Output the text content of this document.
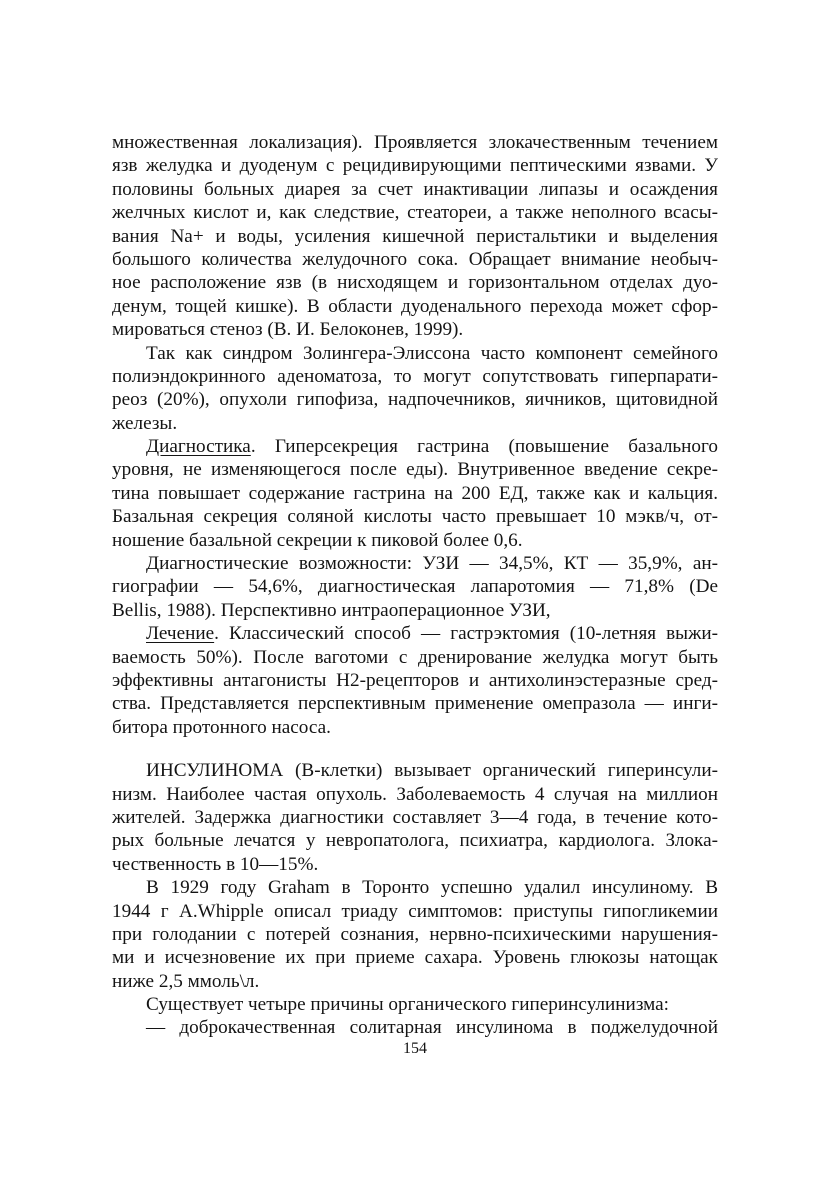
множественная локализация). Проявляется злокачественным течением
язв желудка и дуоденум с рецидивирующими пептическими язвами. У
половины больных диарея за счет инактивации липазы и осаждения
желчных кислот и, как следствие, стеатореи, а также неполного всасы-
вания Na+ и воды, усиления кишечной перистальтики и выделения
большого количества желудочного сока. Обращает внимание необыч-
ное расположение язв (в нисходящем и горизонтальном отделах дуо-
денум, тощей кишке). В области дуоденального перехода может сфор-
мироваться стеноз (В. И. Белоконев, 1999).
Так как синдром Золингера-Элиссона часто компонент семейного
полиэндокринного аденоматоза, то могут сопутствовать гиперпарати-
реоз (20%), опухоли гипофиза, надпочечников, яичников, щитовидной
железы.
Диагностика. Гиперсекреция гастрина (повышение базального
уровня, не изменяющегося после еды). Внутривенное введение секре-
тина повышает содержание гастрина на 200 ЕД, также как и кальция.
Базальная секреция соляной кислоты часто превышает 10 мэкв/ч, от-
ношение базальной секреции к пиковой более 0,6.
Диагностические возможности: УЗИ — 34,5%, КТ — 35,9%, ан-
гиографии — 54,6%, диагностическая лапаротомия — 71,8% (De
Bellis, 1988). Перспективно интраоперационное УЗИ,
Лечение. Классический способ — гастрэктомия (10-летняя выжи-
ваемость 50%). После ваготоми с дренирование желудка могут быть
эффективны антагонисты Н2-рецепторов и антихолинэстеразные сред-
ства. Представляется перспективным применение омепразола — инги-
битора протонного насоса.
ИНСУЛИНОМА (В-клетки) вызывает органический гиперинсули-
низм. Наиболее частая опухоль. Заболеваемость 4 случая на миллион
жителей. Задержка диагностики составляет 3—4 года, в течение кото-
рых больные лечатся у невропатолога, психиатра, кардиолога. Злока-
чественность в 10—15%.
В 1929 году Graham в Торонто успешно удалил инсулиному. В
1944 г A.Whipple описал триаду симптомов: приступы гипогликемии
при голодании с потерей сознания, нервно-психическими нарушения-
ми и исчезновение их при приеме сахара. Уровень глюкозы натощак
ниже 2,5 ммоль\л.
Существует четыре причины органического гиперинсулинизма:
— доброкачественная солитарная инсулинома в поджелудочной
154
